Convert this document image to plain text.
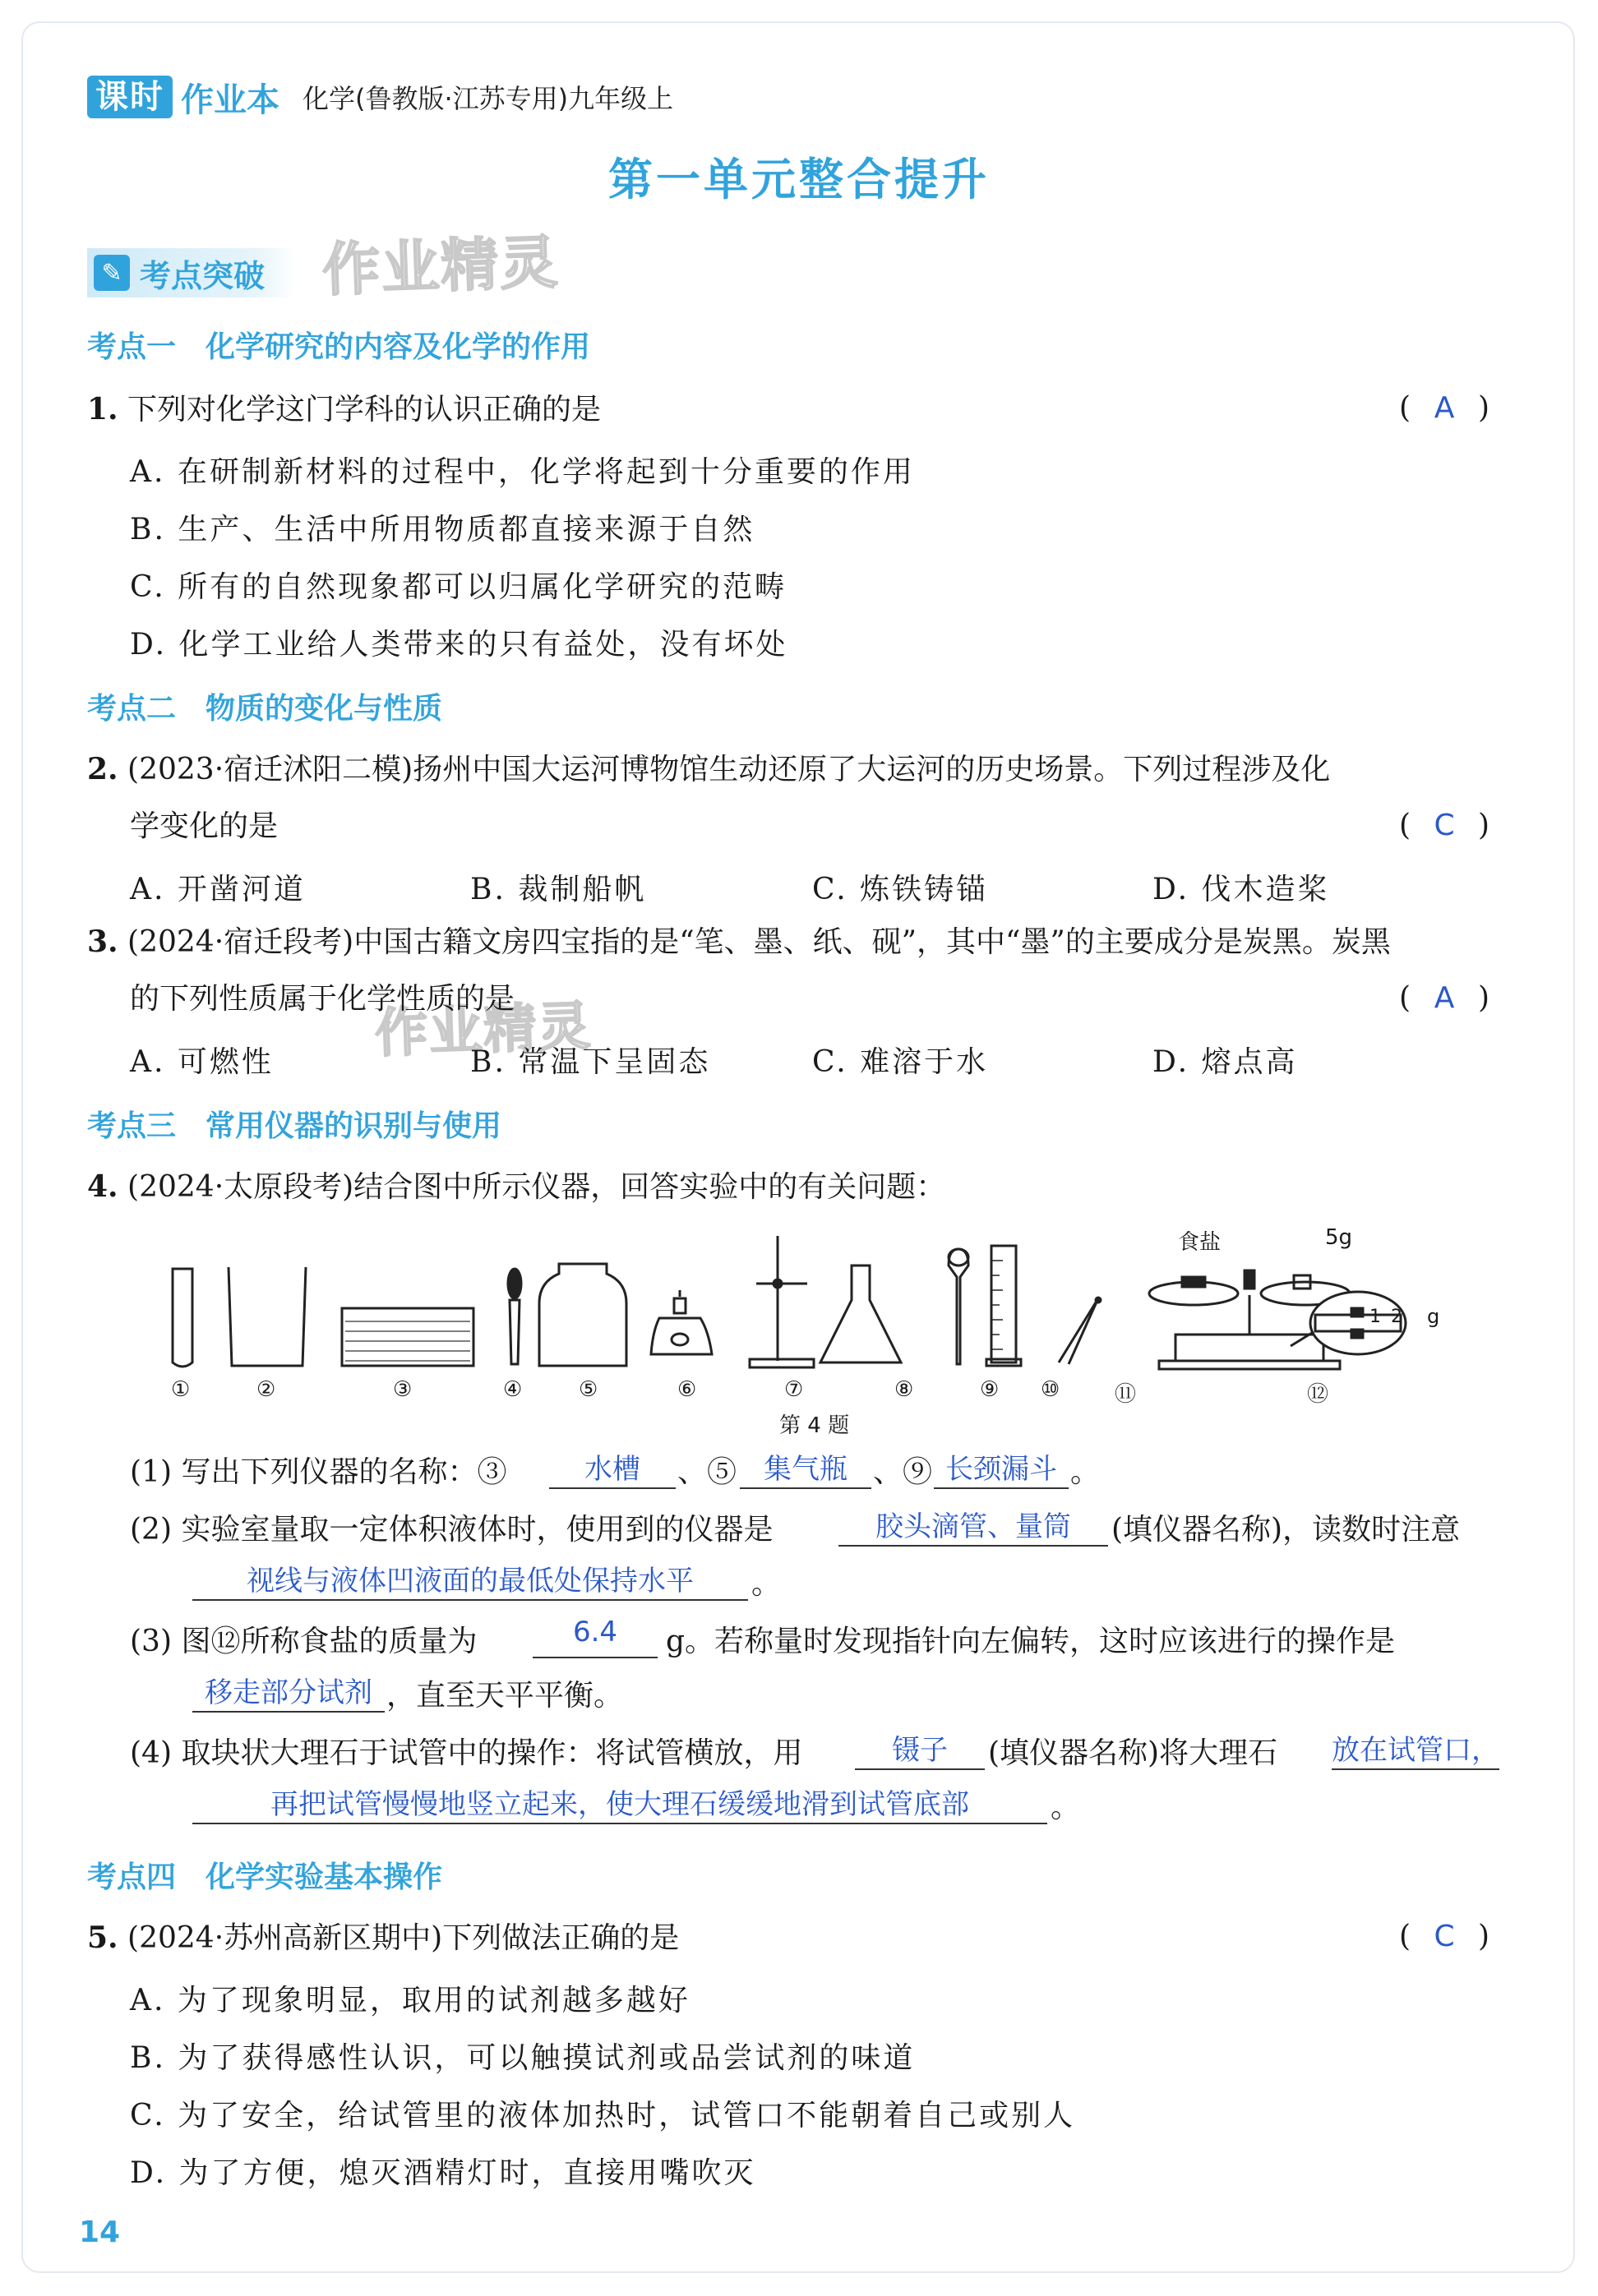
课时 作业本 化学(鲁教版·江苏专用)九年级上
第一单元整合提升
✎ 考点突破 作业精灵
作业精灵
考点一　化学研究的内容及化学的作用
1. 下列对化学这门学科的认识正确的是	( A )
A. 在研制新材料的过程中，化学将起到十分重要的作用
B. 生产、生活中所用物质都直接来源于自然
C. 所有的自然现象都可以归属化学研究的范畴
D. 化学工业给人类带来的只有益处，没有坏处
考点二　物质的变化与性质
2. (2023·宿迁沭阳二模)扬州中国大运河博物馆生动还原了大运河的历史场景。下列过程涉及化
学变化的是	( C )
A. 开凿河道	B. 裁制船帆	C. 炼铁铸锚	D. 伐木造桨
3. (2024·宿迁段考)中国古籍文房四宝指的是“笔、墨、纸、砚”，其中“墨”的主要成分是炭黑。炭黑
的下列性质属于化学性质的是	( A )
A. 可燃性	B. 常温下呈固态	C. 难溶于水	D. 熔点高
考点三　常用仪器的识别与使用
4. (2024·太原段考)结合图中所示仪器，回答实验中的有关问题：
食盐	5g
1 2 g
①	②	③	④	⑤	⑥	⑦	⑧	⑨ ⑩	⑪	⑫
第 4 题
(1) 写出下列仪器的名称：③	水槽	、⑤ 集气瓶 、⑨ 长颈漏斗 。
(2) 实验室量取一定体积液体时，使用到的仪器是	胶头滴管、量筒	(填仪器名称)，读数时注意
视线与液体凹液面的最低处保持水平	。
(3) 图⑫所称食盐的质量为	6.4	g。若称量时发现指针向左偏转，这时应该进行的操作是
移走部分试剂 ，直至天平平衡。
(4) 取块状大理石于试管中的操作：将试管横放，用	镊子	(填仪器名称)将大理石 放在试管口，
再把试管慢慢地竖立起来，使大理石缓缓地滑到试管底部	。
考点四　化学实验基本操作
5. (2024·苏州高新区期中)下列做法正确的是	( C )
A. 为了现象明显，取用的试剂越多越好
B. 为了获得感性认识，可以触摸试剂或品尝试剂的味道
C. 为了安全，给试管里的液体加热时，试管口不能朝着自己或别人
D. 为了方便，熄灭酒精灯时，直接用嘴吹灭
14
